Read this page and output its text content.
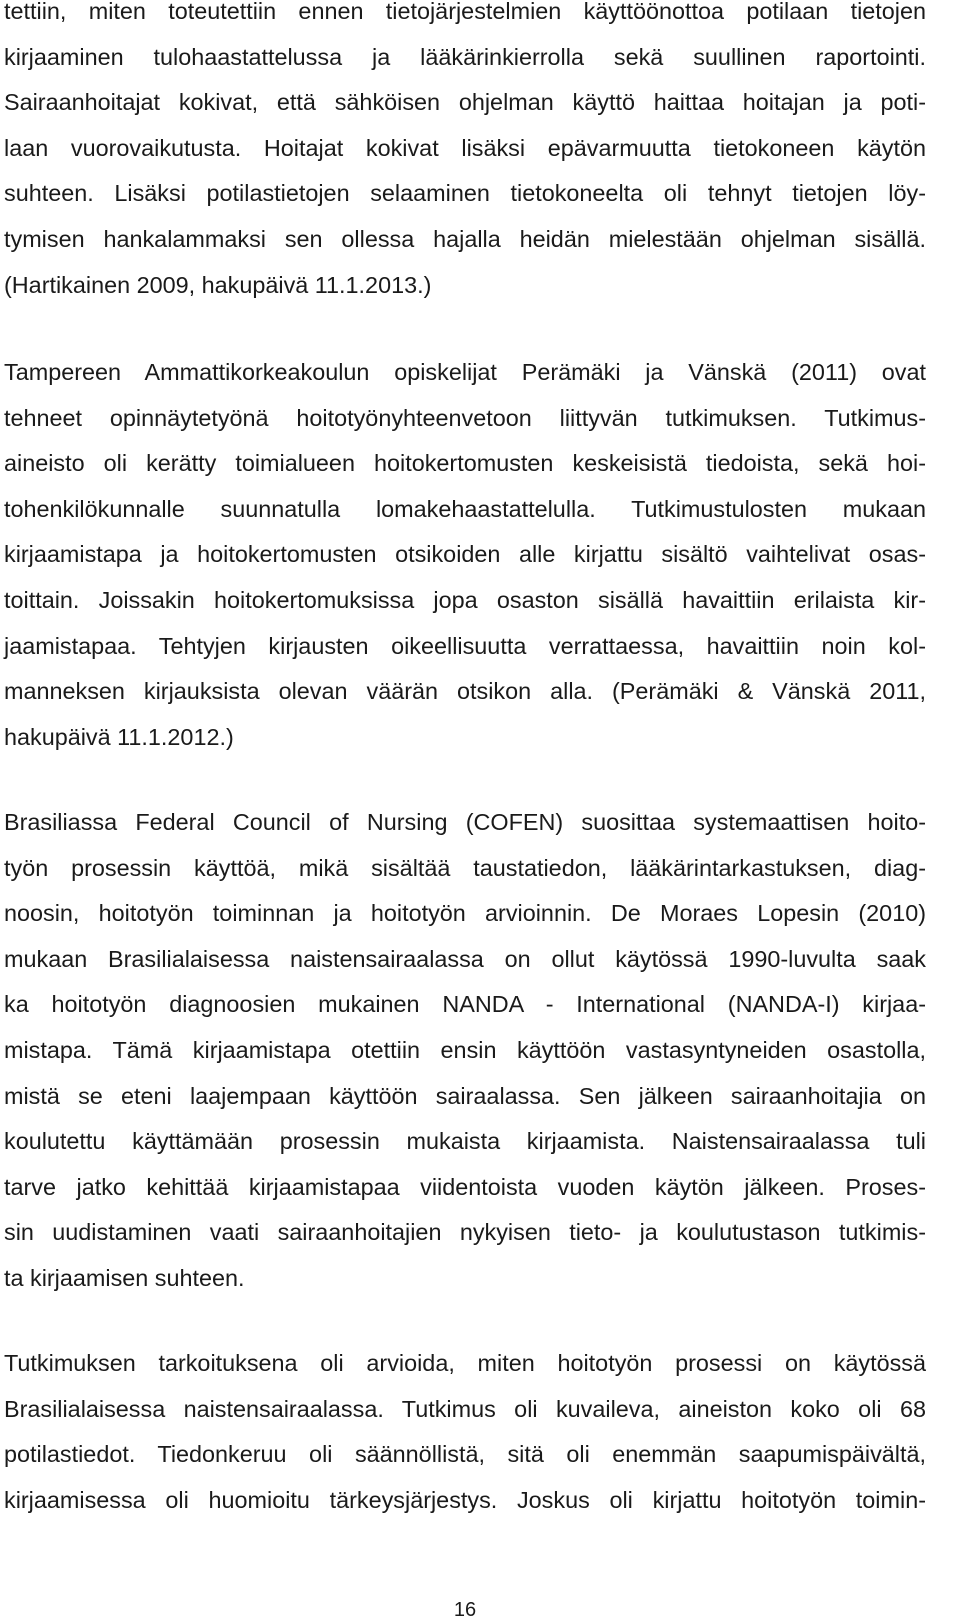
tettiin, miten toteutettiin ennen tietojärjestelmien käyttöönottoa potilaan tietojen
kirjaaminen tulohaastattelussa ja lääkärinkierrolla sekä suullinen raportointi.
Sairaanhoitajat kokivat, että sähköisen ohjelman käyttö haittaa hoitajan ja poti-
laan vuorovaikutusta. Hoitajat kokivat lisäksi epävarmuutta tietokoneen käytön
suhteen. Lisäksi potilastietojen selaaminen tietokoneelta oli tehnyt tietojen löy-
tymisen hankalammaksi sen ollessa hajalla heidän mielestään ohjelman sisällä.
(Hartikainen 2009, hakupäivä 11.1.2013.)

Tampereen Ammattikorkeakoulun opiskelijat Perämäki ja Vänskä (2011) ovat
tehneet opinnäytetyönä hoitotyönyhteenvetoon liittyvän tutkimuksen. Tutkimus-
aineisto oli kerätty toimialueen hoitokertomusten keskeisistä tiedoista, sekä hoi-
tohenkilökunnalle suunnatulla lomakehaastattelulla. Tutkimustulosten mukaan
kirjaamistapa ja hoitokertomusten otsikoiden alle kirjattu sisältö vaihtelivat osas-
toittain. Joissakin hoitokertomuksissa jopa osaston sisällä havaittiin erilaista kir-
jaamistapaa. Tehtyjen kirjausten oikeellisuutta verrattaessa, havaittiin noin kol-
manneksen kirjauksista olevan väärän otsikon alla. (Perämäki & Vänskä 2011,
hakupäivä 11.1.2012.)

Brasiliassa Federal Council of Nursing (COFEN) suosittaa systemaattisen hoito-
työn prosessin käyttöä, mikä sisältää taustatiedon, lääkärintarkastuksen, diag-
noosin, hoitotyön toiminnan ja hoitotyön arvioinnin. De Moraes Lopesin (2010)
mukaan Brasilialaisessa naistensairaalassa on ollut käytössä 1990-luvulta saak
ka hoitotyön diagnoosien mukainen NANDA - International (NANDA-I) kirjaa-
mistapa. Tämä kirjaamistapa otettiin ensin käyttöön vastasyntyneiden osastolla,
mistä se eteni laajempaan käyttöön sairaalassa. Sen jälkeen sairaanhoitajia on
koulutettu käyttämään prosessin mukaista kirjaamista. Naistensairaalassa tuli
tarve jatko kehittää kirjaamistapaa viidentoista vuoden käytön jälkeen. Proses-
sin uudistaminen vaati sairaanhoitajien nykyisen tieto- ja koulutustason tutkimis-
ta kirjaamisen suhteen.

Tutkimuksen tarkoituksena oli arvioida, miten hoitotyön prosessi on käytössä
Brasilialaisessa naistensairaalassa. Tutkimus oli kuvaileva, aineiston koko oli 68
potilastiedot. Tiedonkeruu oli säännöllistä, sitä oli enemmän saapumispäivältä,
kirjaamisessa oli huomioitu tärkeysjärjestys. Joskus oli kirjattu hoitotyön toimin-

16
